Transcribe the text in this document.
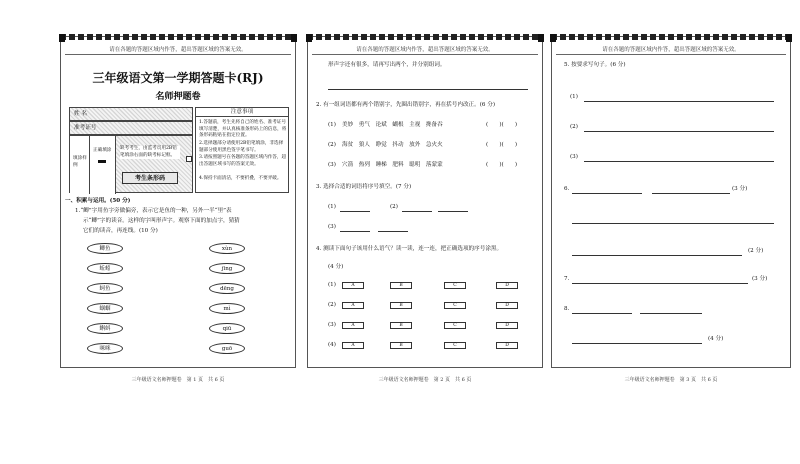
请在各题的答题区域内作答，超出答题区域的答案无效。
三年级语文第一学期答题卡(RJ)
名师押题卷
姓 名
准考证号
填涂样例
正确填涂 缺考考生，由监考员用2B铅笔填涂右面的缺考标记框。
考生条形码
注意事项
1.答题前，考生先将自己的姓名、准考证号填写清楚，并认真核准条形码上的信息，将条形码粘贴在指定位置。
2.选择题部分请使用2B铅笔填涂，非选择题部分使用黑色签字笔书写。
3.请按照题号在各题的答题区域内作答，超出答题区域书写的答案无效。
4.保持卡面清洁，不要折叠，不要弄破。
一、积累与运用。(50 分)
1.“鲫”字用鱼字旁做偏旁，表示它是鱼的一种，另外一半“里”表
示“鲫”字的读音。这样的字叫形声字。观察下面的加点字，猜猜
它们的读音，再连线。(10 分)
鲫鱼
蚯蚓
蚵鱼
蝈蝈
蝌蚪
咪咪
xùn
jīng
dēng
mì
qiū
guō
三年级语文名师押题卷　第 1 页　共 6 页
请在各题的答题区域内作答，超出答题区域的答案无效。
形声字还有很多，请再写出两个，并分别组词。
2. 有一组词语都有两个错别字，先圈出错别字，再在括号内改正。(6 分)
(1) 美妙　勇气　论斌　蝴根　主视　搀备吞	(　　)(　　)
(2) 海贫　狼人　睁觉　抖动　放外　急火火	(　　)(　　)
(3) 穴箭　热列　睡梯　肥料　聪明　落蒙蒙	(　　)(　　)
3. 选择合适的词语将序号填空。(7 分)
(1)	(2)
(3)
4. 测读下面句子该用什么语气？读一读，连一连，把正确选项的序号涂黑。
(4 分)
(1)	A	B	C	D
(2)	A	B	C	D
(3)	A	B	C	D
(4)	A	B	C	D
三年级语文名师押题卷　第 2 页　共 6 页
请在各题的答题区域内作答，超出答题区域的答案无效。
5. 按要求写句子。(6 分)
(1)
(2)
(3)
6.	(3 分)
(2 分)
7.	(3 分)
8.
(4 分)
三年级语文名师押题卷　第 3 页　共 6 页
